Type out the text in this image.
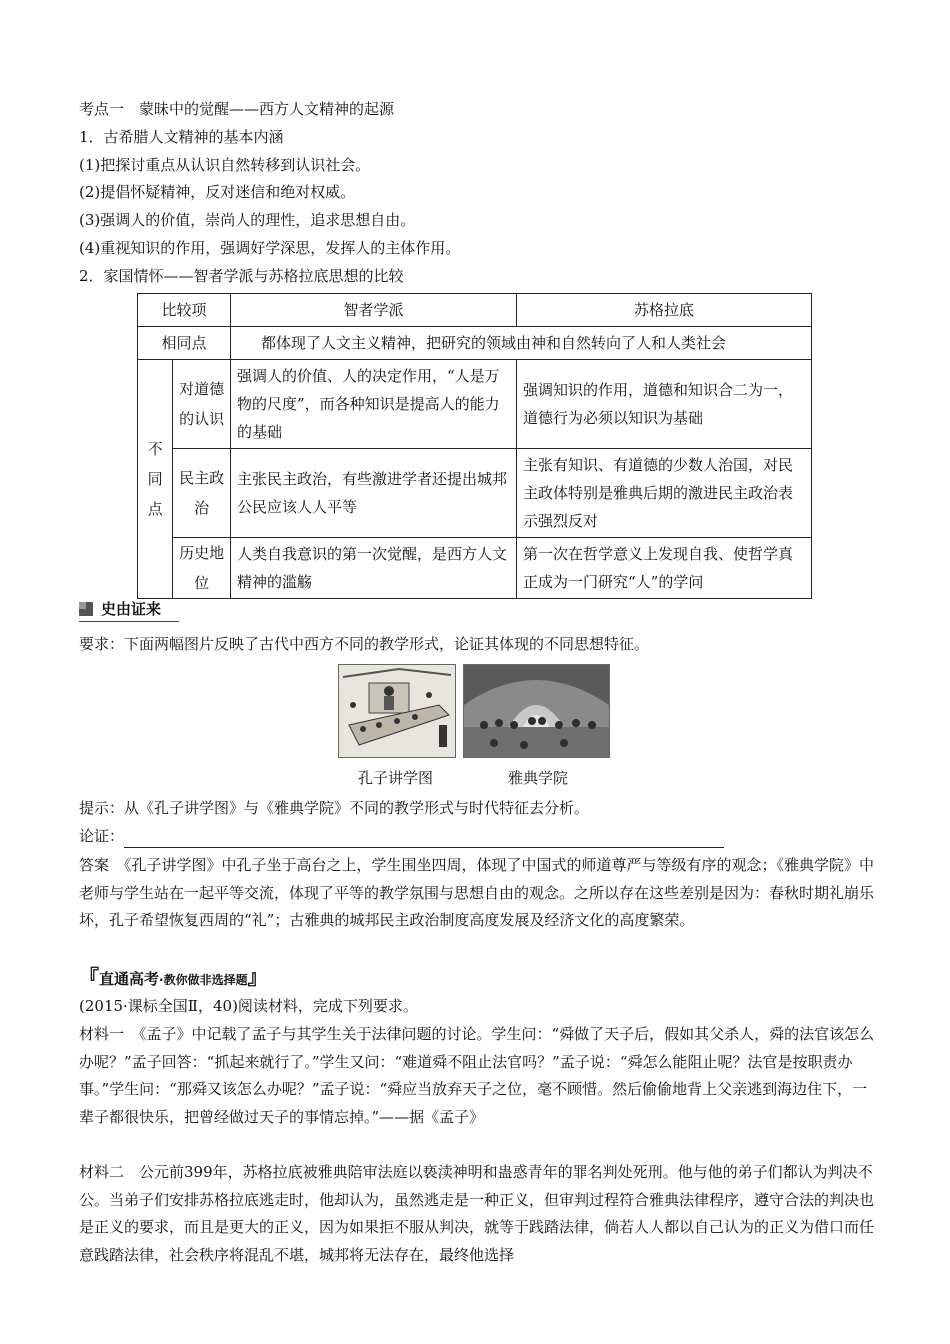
考点一　蒙昧中的觉醒——西方人文精神的起源
1．古希腊人文精神的基本内涵
(1)把探讨重点从认识自然转移到认识社会。
(2)提倡怀疑精神，反对迷信和绝对权威。
(3)强调人的价值，崇尚人的理性，追求思想自由。
(4)重视知识的作用，强调好学深思，发挥人的主体作用。
2．家国情怀——智者学派与苏格拉底思想的比较
比较项		智者学派	苏格拉底
相同点		都体现了人文主义精神，把研究的领域由神和自然转向了人和人类社会	
不同点	对道德的认识	强调人的价值、人的决定作用，“人是万物的尺度”，而各种知识是提高人的能力的基础	强调知识的作用，道德和知识合二为一，道德行为必须以知识为基础
	民主政治	主张民主政治，有些激进学者还提出城邦公民应该人人平等	主张有知识、有道德的少数人治国，对民主政体特别是雅典后期的激进民主政治表示强烈反对
	历史地位	人类自我意识的第一次觉醒，是西方人文精神的滥觞	第一次在哲学意义上发现自我、使哲学真正成为一门研究“人”的学问
史由证来
要求：下面两幅图片反映了古代中西方不同的教学形式，论证其体现的不同思想特征。
孔子讲学图	雅典学院
提示：从《孔子讲学图》与《雅典学院》不同的教学形式与时代特征去分析。
论证：
答案　《孔子讲学图》中孔子坐于高台之上，学生围坐四周，体现了中国式的师道尊严与等级有序的观念；《雅典学院》中老师与学生站在一起平等交流，体现了平等的教学氛围与思想自由的观念。之所以存在这些差别是因为：春秋时期礼崩乐坏，孔子希望恢复西周的“礼”；古雅典的城邦民主政治制度高度发展及经济文化的高度繁荣。
『直通高考·教你做非选择题』
(2015·课标全国Ⅱ，40)阅读材料，完成下列要求。
材料一　《孟子》中记载了孟子与其学生关于法律问题的讨论。学生问：“舜做了天子后，假如其父杀人，舜的法官该怎么办呢？”孟子回答：“抓起来就行了。”学生又问：“难道舜不阻止法官吗？”孟子说：“舜怎么能阻止呢？法官是按职责办事。”学生问：“那舜又该怎么办呢？”孟子说：“舜应当放弃天子之位，毫不顾惜。然后偷偷地背上父亲逃到海边住下，一辈子都很快乐，把曾经做过天子的事情忘掉。”——据《孟子》
材料二　公元前399年，苏格拉底被雅典陪审法庭以亵渎神明和蛊惑青年的罪名判处死刑。他与他的弟子们都认为判决不公。当弟子们安排苏格拉底逃走时，他却认为，虽然逃走是一种正义，但审判过程符合雅典法律程序，遵守合法的判决也是正义的要求，而且是更大的正义，因为如果拒不服从判决，就等于践踏法律，倘若人人都以自己认为的正义为借口而任意践踏法律，社会秩序将混乱不堪，城邦将无法存在，最终他选择
